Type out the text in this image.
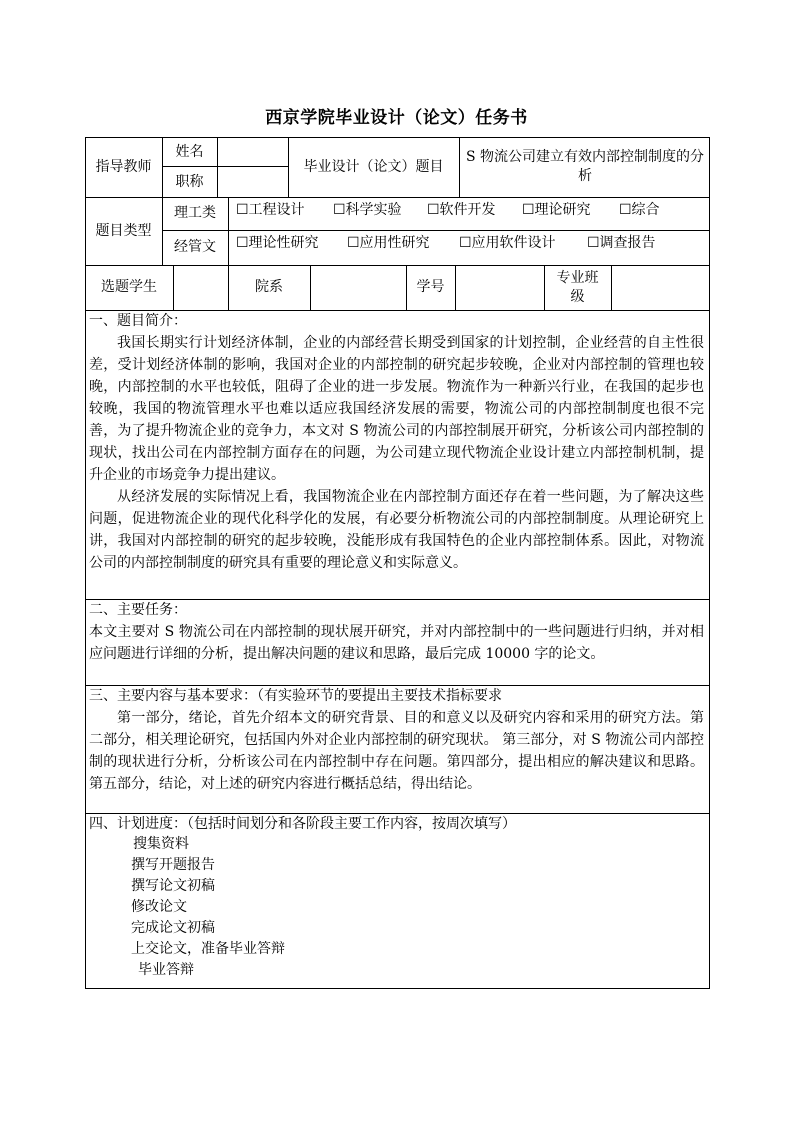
西京学院毕业设计（论文）任务书
指导教师
姓名
职称
毕业设计（论文）题目
S 物流公司建立有效内部控制制度的分析
题目类型
理工类
经管文
☐工程设计 ☐科学实验 ☐软件开发 ☐理论研究 ☐综合
☐理论性研究 ☐应用性研究 ☐应用软件设计 ☐调查报告
选题学生	院系	学号
专业班级

一、题目简介：

我国长期实行计划经济体制，企业的内部经营长期受到国家的计划控制，企业经营的自主性很差，受计划经济体制的影响，我国对企业的内部控制的研究起步较晚，企业对内部控制的管理也较晚，内部控制的水平也较低，阻碍了企业的进一步发展。物流作为一种新兴行业，在我国的起步也较晚，我国的物流管理水平也难以适应我国经济发展的需要，物流公司的内部控制制度也很不完善，为了提升物流企业的竞争力，本文对 S 物流公司的内部控制展开研究，分析该公司内部控制的现状，找出公司在内部控制方面存在的问题，为公司建立现代物流企业设计建立内部控制机制，提升企业的市场竞争力提出建议。

从经济发展的实际情况上看，我国物流企业在内部控制方面还存在着一些问题，为了解决这些问题，促进物流企业的现代化科学化的发展，有必要分析物流公司的内部控制制度。从理论研究上讲，我国对内部控制的研究的起步较晚，没能形成有我国特色的企业内部控制体系。因此，对物流公司的内部控制制度的研究具有重要的理论意义和实际意义。

二、主要任务：

本文主要对 S 物流公司在内部控制的现状展开研究，并对内部控制中的一些问题进行归纳，并对相应问题进行详细的分析，提出解决问题的建议和思路，最后完成 10000 字的论文。

三、主要内容与基本要求：（有实验环节的要提出主要技术指标要求

第一部分，绪论，首先介绍本文的研究背景、目的和意义以及研究内容和采用的研究方法。第二部分，相关理论研究，包括国内外对企业内部控制的研究现状。 第三部分，对 S 物流公司内部控制的现状进行分析，分析该公司在内部控制中存在问题。第四部分，提出相应的解决建议和思路。第五部分，结论，对上述的研究内容进行概括总结，得出结论。

四、计划进度：（包括时间划分和各阶段主要工作内容，按周次填写）

搜集资料
撰写开题报告
撰写论文初稿
修改论文
完成论文初稿
上交论文，准备毕业答辩
毕业答辩
